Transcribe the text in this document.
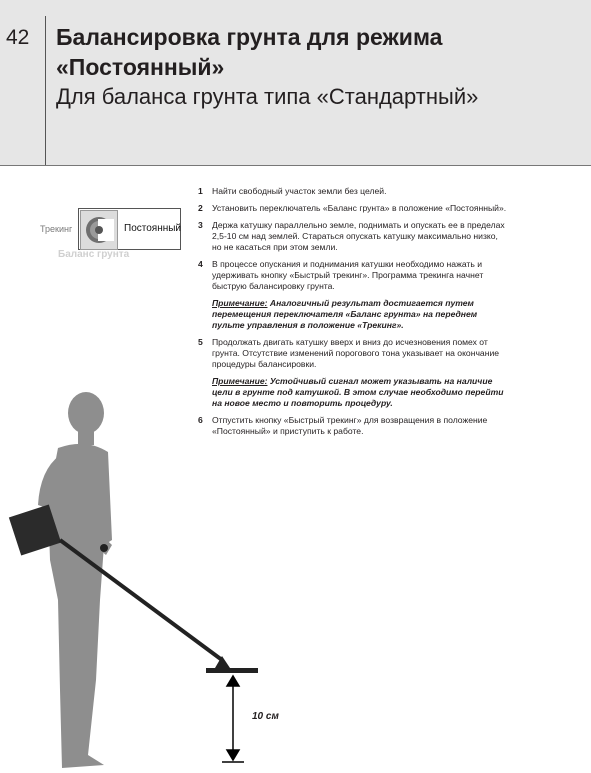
42 Балансировка грунта для режима «Постоянный»
Для баланса грунта типа «Стандартный»
Трекинг	Постоянный
Баланс грунта
1 Найти свободный участок земли без целей.
2 Установить переключатель «Баланс грунта» в положение «Постоянный».
3 Держа катушку параллельно земле, поднимать и опускать ее в пределах 2,5-10 см над землей. Стараться опускать катушку максимально низко, но не касаться при этом земли.
4 В процессе опускания и поднимания катушки необходимо нажать и удерживать кнопку «Быстрый трекинг». Программа трекинга начнет быструю балансировку грунта.
Примечание: Аналогичный результат достигается путем перемещения переключателя «Баланс грунта» на переднем пульте управления в положение «Трекинг».
5 Продолжать двигать катушку вверх и вниз до исчезновения помех от грунта. Отсутствие изменений порогового тона указывает на окончание процедуры балансировки.
Примечание: Устойчивый сигнал может указывать на наличие цели в грунте под катушкой. В этом случае необходимо перейти на новое место и повторить процедуру.
6 Отпустить кнопку «Быстрый трекинг» для возвращения в положение «Постоянный» и приступить к работе.
10 см
